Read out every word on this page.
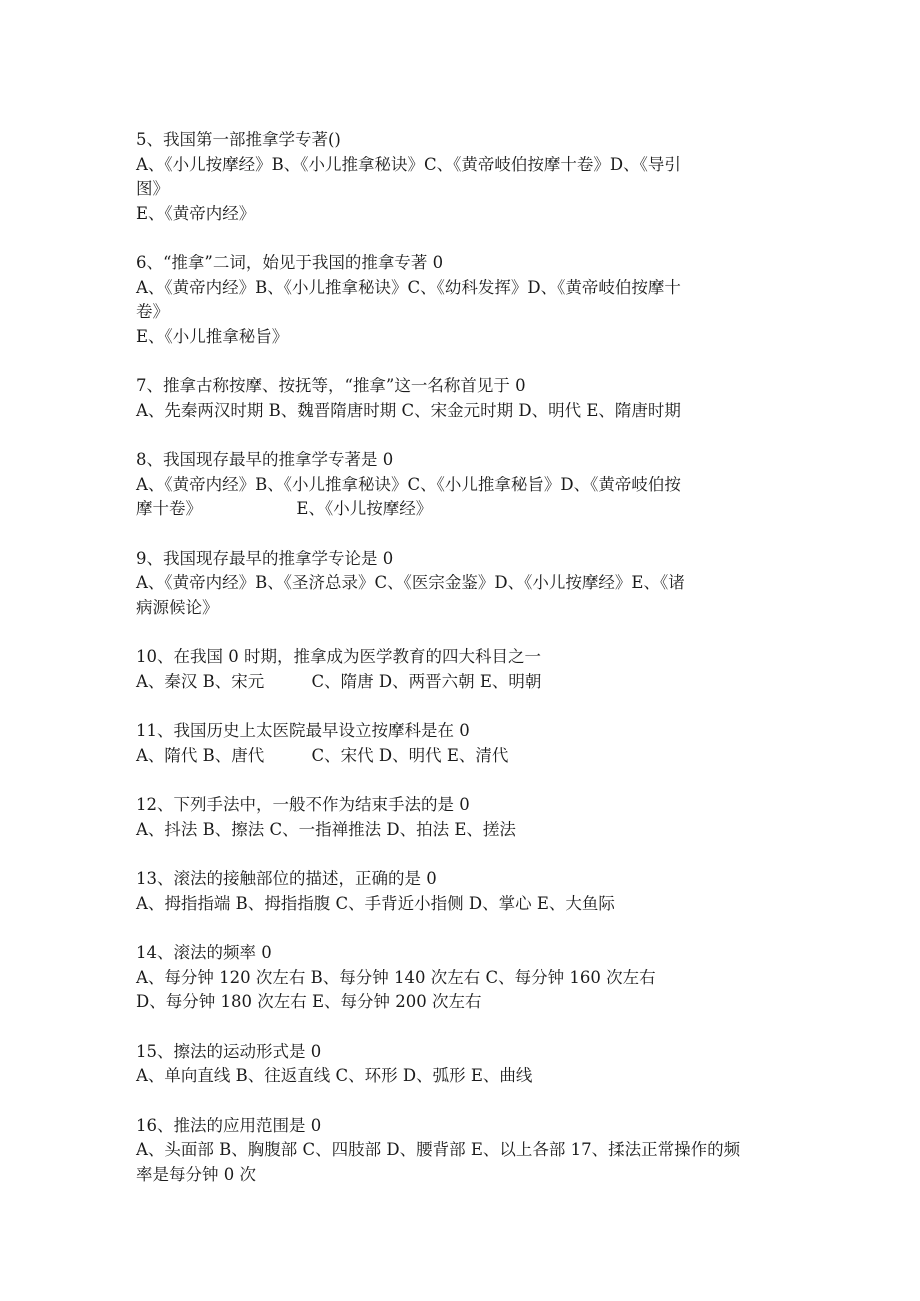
5、我国第一部推拿学专著()
A、《小儿按摩经》B、《小儿推拿秘诀》C、《黄帝岐伯按摩十卷》D、《导引
图》
E、《黄帝内经》
6、“推拿”二词，始见于我国的推拿专著 0
A、《黄帝内经》B、《小儿推拿秘诀》C、《幼科发挥》D、《黄帝岐伯按摩十
卷》
E、《小儿推拿秘旨》
7、推拿古称按摩、按抚等，“推拿”这一名称首见于 0
A、先秦两汉时期 B、魏晋隋唐时期 C、宋金元时期 D、明代 E、隋唐时期
8、我国现存最早的推拿学专著是 0
A、《黄帝内经》B、《小儿推拿秘诀》C、《小儿推拿秘旨》D、《黄帝岐伯按
摩十卷》                  E、《小儿按摩经》
9、我国现存最早的推拿学专论是 0
A、《黄帝内经》B、《圣济总录》C、《医宗金鉴》D、《小儿按摩经》E、《诸
病源候论》
10、在我国 0 时期，推拿成为医学教育的四大科目之一
A、秦汉 B、宋元         C、隋唐 D、两晋六朝 E、明朝
11、我国历史上太医院最早设立按摩科是在 0
A、隋代 B、唐代         C、宋代 D、明代 E、清代
12、下列手法中，一般不作为结束手法的是 0
A、抖法 B、擦法 C、一指禅推法 D、拍法 E、搓法
13、滚法的接触部位的描述，正确的是 0
A、拇指指端 B、拇指指腹 C、手背近小指侧 D、掌心 E、大鱼际
14、滚法的频率 0
A、每分钟 120 次左右 B、每分钟 140 次左右 C、每分钟 160 次左右
D、每分钟 180 次左右 E、每分钟 200 次左右
15、擦法的运动形式是 0
A、单向直线 B、往返直线 C、环形 D、弧形 E、曲线
16、推法的应用范围是 0
A、头面部 B、胸腹部 C、四肢部 D、腰背部 E、以上各部 17、揉法正常操作的频
率是每分钟 0 次
